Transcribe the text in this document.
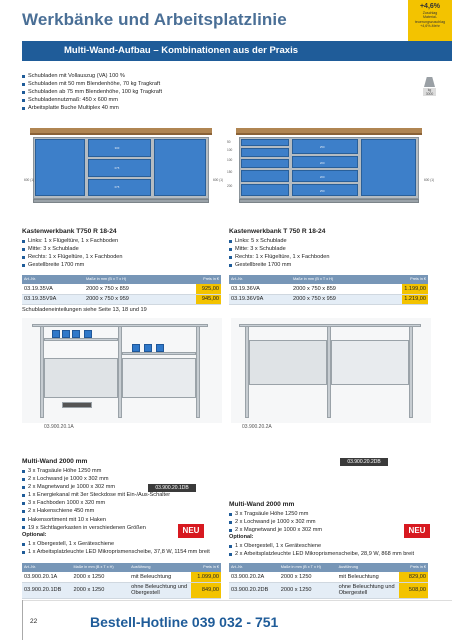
Werkbänke und Arbeitsplatzlinie
+4,6%
Zuschlag
Material-
teuerungszuschlag
+4,6%-Mehr
Multi-Wand-Aufbau – Kombinationen aus der Praxis
Schubladen mit Vollauszug (VA) 100 %
Schubladen mit 50 mm Blendenhöhe, 70 kg Tragkraft
Schubladen ab 75 mm Blendenhöhe, 100 kg Tragkraft
Schubladennutzmaß: 450 x 600 mm
Arbeitsplatte Buche Multiplex 40 mm
kg
3000
300
075
075
600 (1)	600 (1)
250
200
200
250
50
100
100
150
200
600 (1)
Kastenwerkbank T750 R 18-24
Links: 1 x Flügeltüre, 1 x Fachboden
Mitte: 3 x Schublade
Rechts: 1 x Flügeltüre, 1 x Fachboden
Gestellbreite 1700 mm
Art.-Nr.	Maße in mm (B x T x H)	Preis in €
03.19.35VA	2000 x 750 x 859	925,00
03.19.35V9A	2000 x 750 x 959	945,00
Schubladeneinteilungen siehe Seite 13, 18 und 19
Kastenwerkbank T 750 R 18-24
Links: 5 x Schublade
Mitte: 3 x Schublade
Rechts: 1 x Flügeltüre, 1 x Fachboden
Gestellbreite 1700 mm
Art.-Nr.	Maße in mm (B x T x H)	Preis in €
03.19.36VA	2000 x 750 x 859	1.199,00
03.19.36V9A	2000 x 750 x 959	1.219,00
03.900.20.1A	03.900.20.2A
Multi-Wand 2000 mm
3 x Tragsäule Höhe 1250 mm
2 x Lochwand je 1000 x 302 mm
2 x Magnetwand je 1000 x 302 mm
1 x Energiekanal mit 3er Steckdose mit Ein-/Aus-Schalter
3 x Fachboden 1000 x 320 mm
2 x Hakenschiene 450 mm
Hakensortiment mit 10 x Haken
19 x Sichtlagerkasten in verschiedenen Größen
Optional:
1 x Obergestell, 1 x Geräteschiene
1 x Arbeitsplatzleuchte LED Mikroprismenscheibe, 37,8 W, 1154 mm breit
03.900.20.1DB
NEU
Art.-Nr.	Maße in mm (B x T x H)	Ausführung	Preis in €
03.900.20.1A	2000 x 1250	mit Beleuchtung	1.099,00
03.900.20.1DB	2000 x 1250	ohne Beleuchtung und Obergestell	849,00
03.900.20.2DB
Multi-Wand 2000 mm
3 x Tragsäule Höhe 1250 mm
2 x Lochwand je 1000 x 302 mm
2 x Magnetwand je 1000 x 302 mm
Optional:
1 x Obergestell, 1 x Geräteschiene
2 x Arbeitsplatzleuchte LED Mikroprismenscheibe, 28,9 W, 868 mm breit
NEU
Art.-Nr.	Maße in mm (B x T x H)	Ausführung	Preis in €
03.900.20.2A	2000 x 1250	mit Beleuchtung	829,00
03.900.20.2DB	2000 x 1250	ohne Beleuchtung und Obergestell	508,00
22	Bestell-Hotline 039 032 - 751
